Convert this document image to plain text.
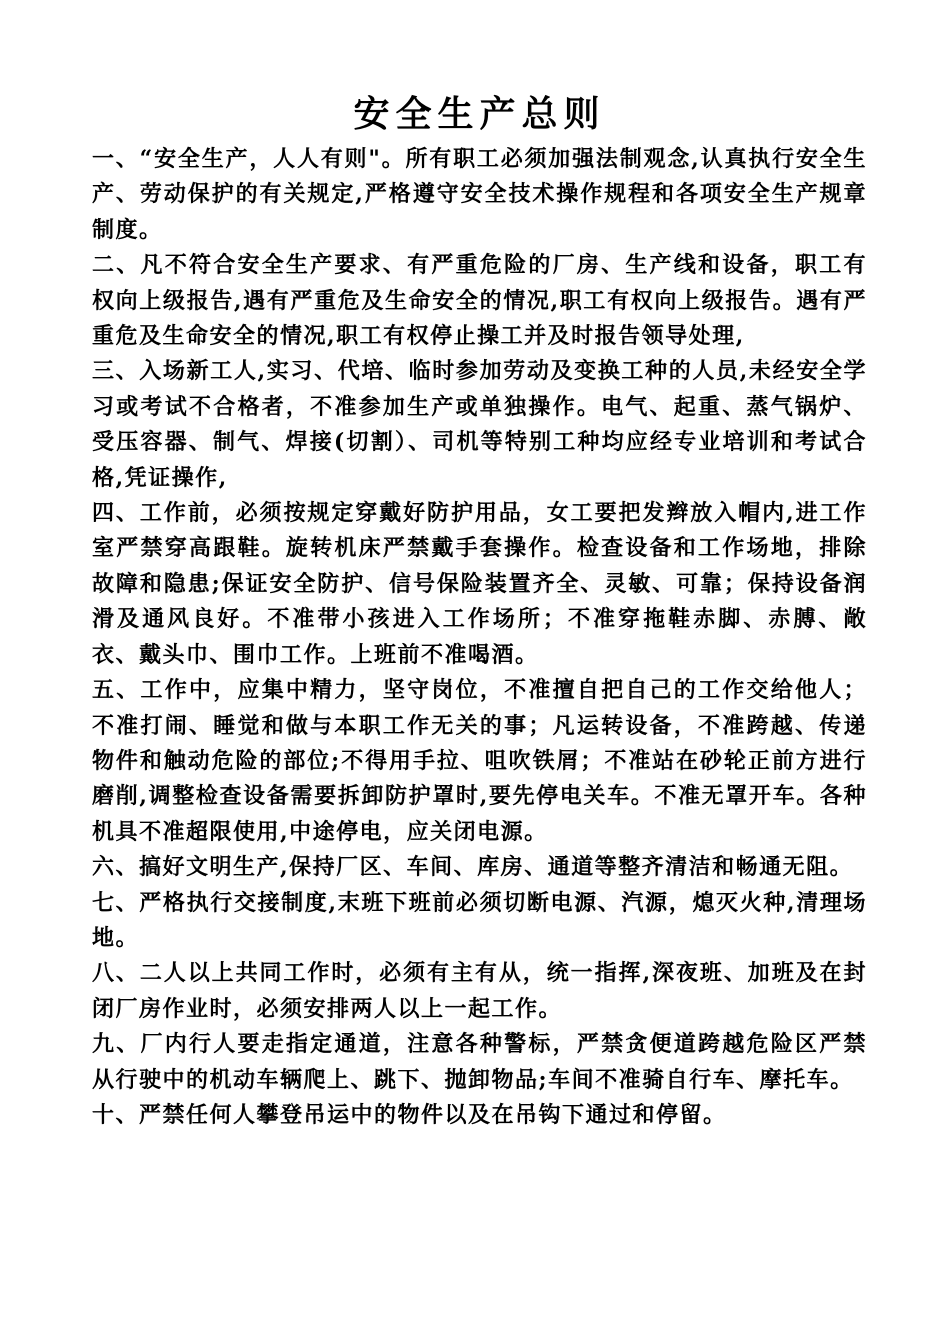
安全生产总则

一、“安全生产，人人有则"。所有职工必须加强法制观念,认真执行安全生产、劳动保护的有关规定,严格遵守安全技术操作规程和各项安全生产规章制度。

二、凡不符合安全生产要求、有严重危险的厂房、生产线和设备，职工有权向上级报告,遇有严重危及生命安全的情况,职工有权向上级报告。遇有严重危及生命安全的情况,职工有权停止操工并及时报告领导处理,

三、入场新工人,实习、代培、临时参加劳动及变换工种的人员,未经安全学习或考试不合格者，不准参加生产或单独操作。电气、起重、蒸气锅炉、受压容器、制气、焊接(切割）、司机等特别工种均应经专业培训和考试合格,凭证操作,

四、工作前，必须按规定穿戴好防护用品，女工要把发辫放入帽内,进工作室严禁穿高跟鞋。旋转机床严禁戴手套操作。检查设备和工作场地，排除故障和隐患;保证安全防护、信号保险装置齐全、灵敏、可靠；保持设备润滑及通风良好。不准带小孩进入工作场所；不准穿拖鞋赤脚、赤膊、敞衣、戴头巾、围巾工作。上班前不准喝酒。

五、工作中，应集中精力，坚守岗位，不准擅自把自己的工作交给他人；不准打闹、睡觉和做与本职工作无关的事；凡运转设备，不准跨越、传递物件和触动危险的部位;不得用手拉、咀吹铁屑；不准站在砂轮正前方进行磨削,调整检查设备需要拆卸防护罩时,要先停电关车。不准无罩开车。各种机具不准超限使用,中途停电，应关闭电源。

六、搞好文明生产,保持厂区、车间、库房、通道等整齐清洁和畅通无阻。

七、严格执行交接制度,末班下班前必须切断电源、汽源，熄灭火种,清理场地。

八、二人以上共同工作时，必须有主有从，统一指挥,深夜班、加班及在封闭厂房作业时，必须安排两人以上一起工作。

九、厂内行人要走指定通道，注意各种警标，严禁贪便道跨越危险区严禁从行驶中的机动车辆爬上、跳下、抛卸物品;车间不准骑自行车、摩托车。

十、严禁任何人攀登吊运中的物件以及在吊钩下通过和停留。
